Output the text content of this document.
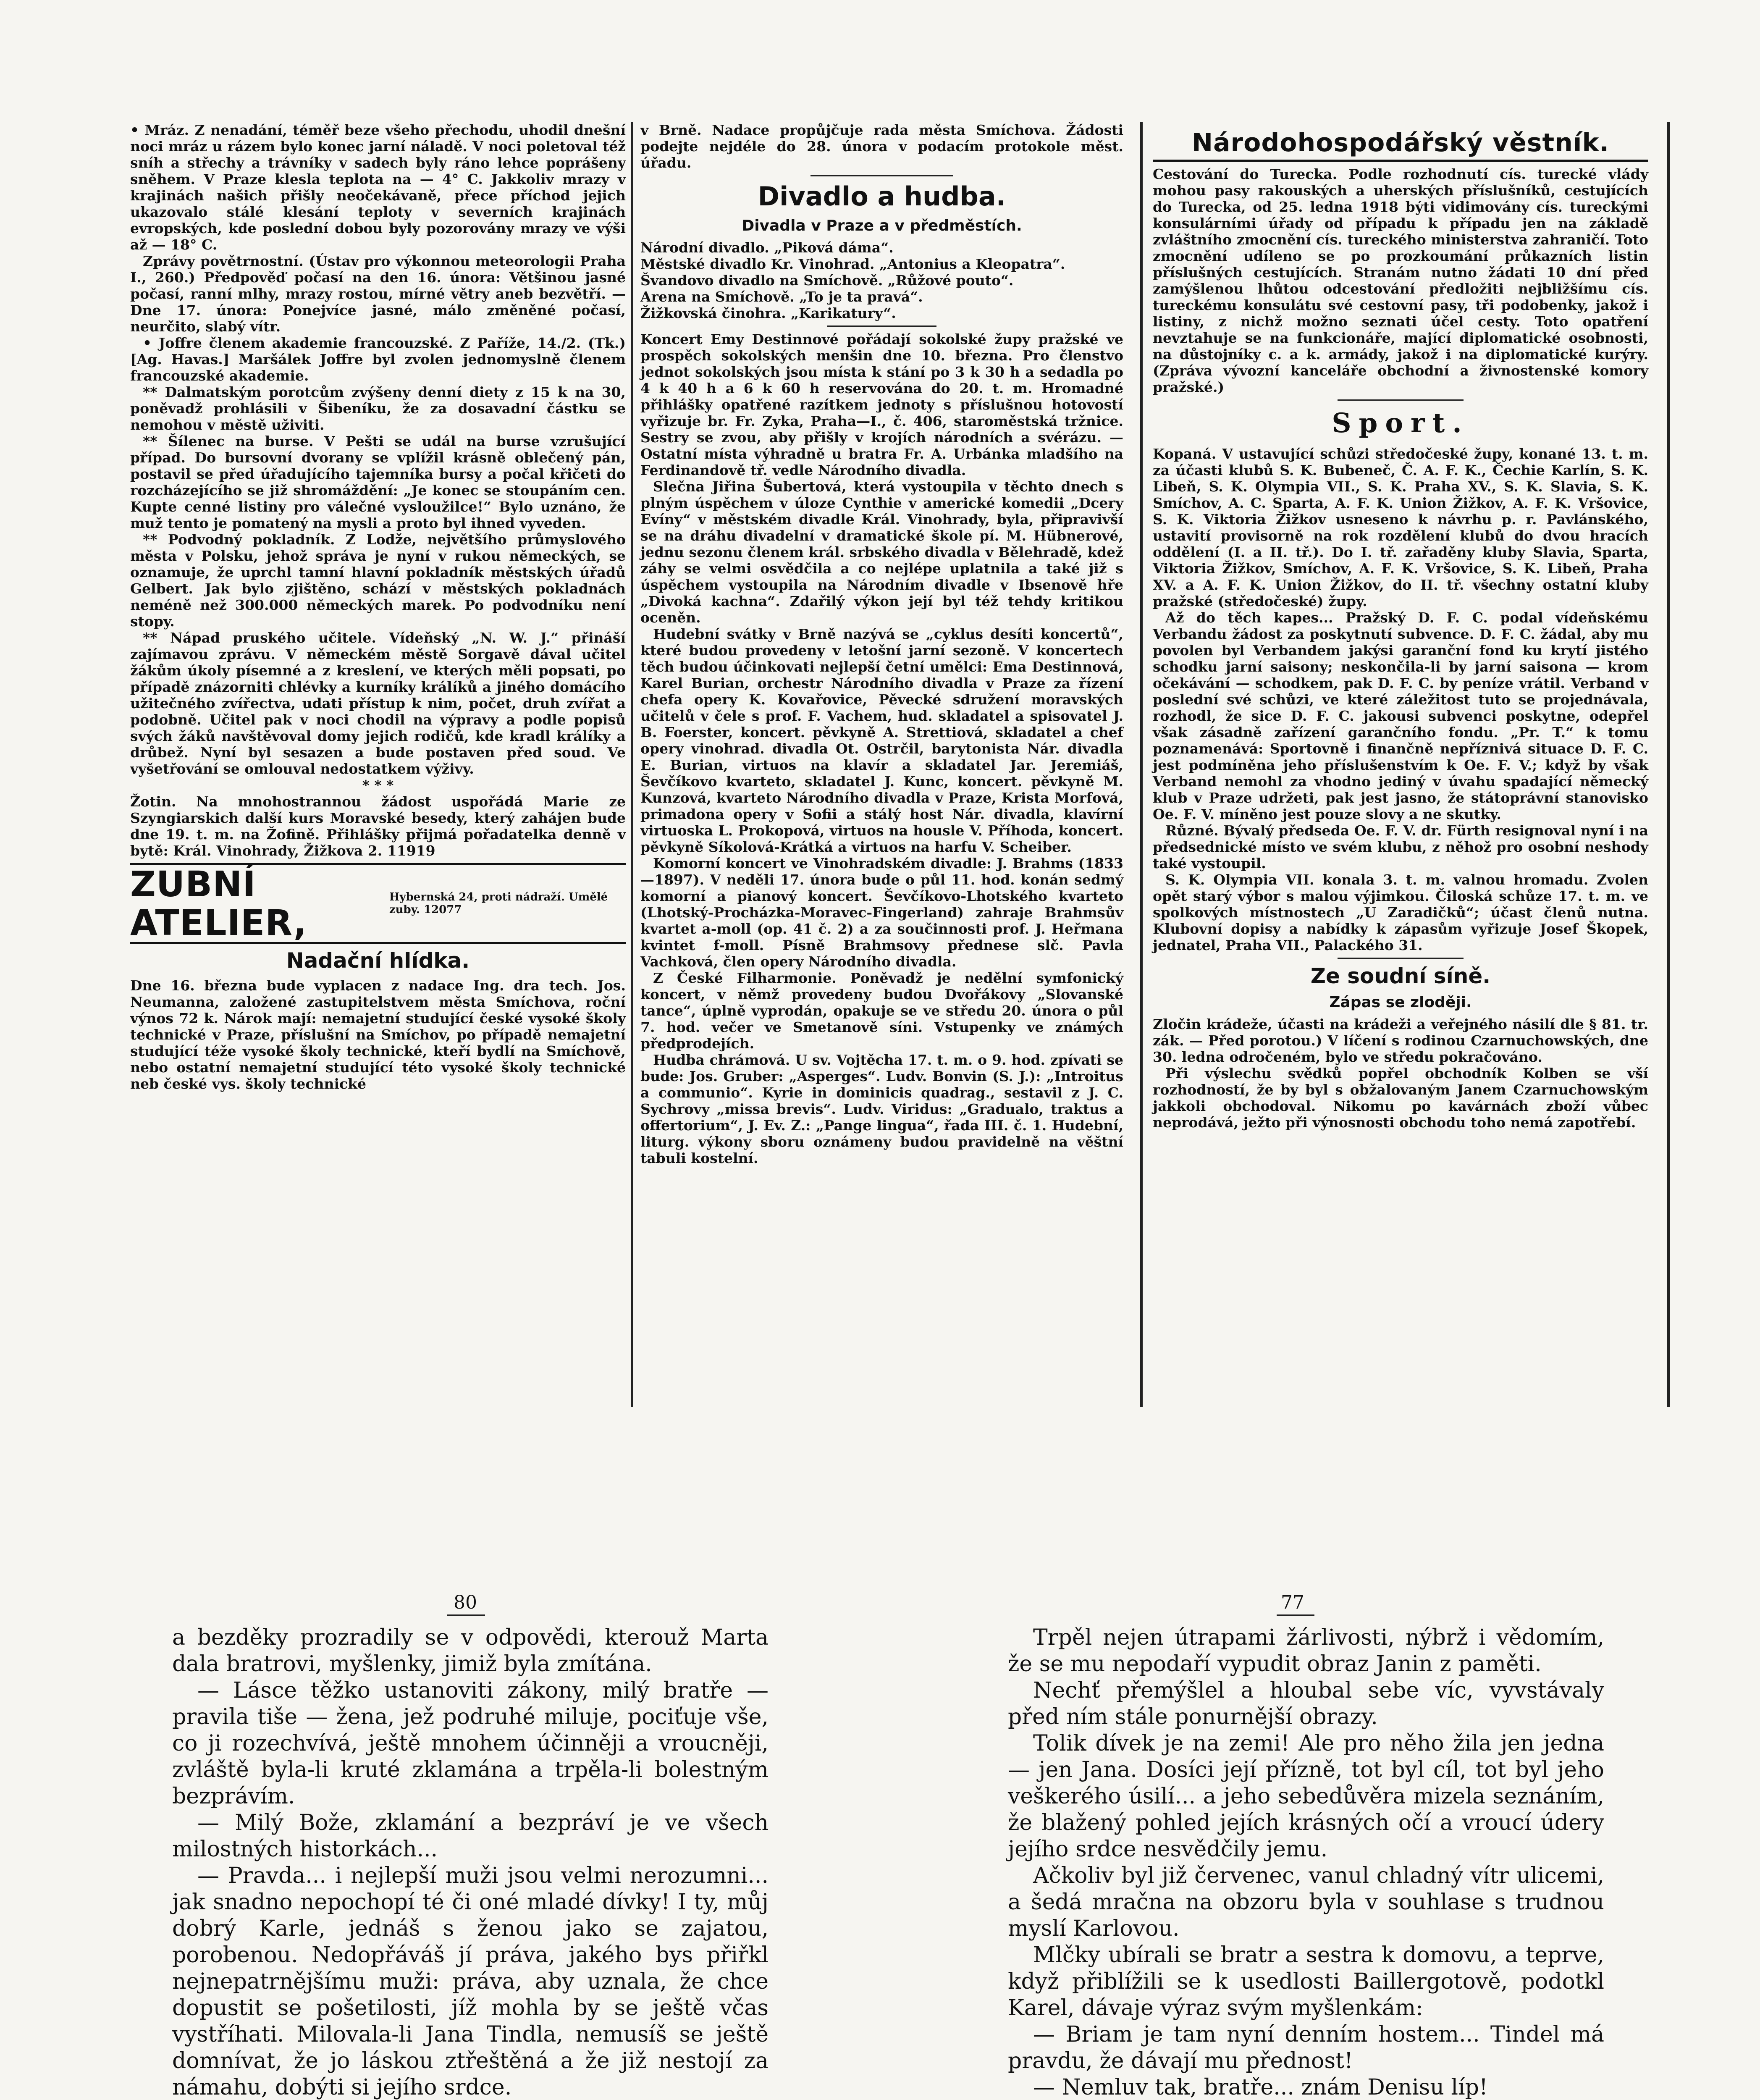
• Mráz. Z nenadání, téměř beze všeho přechodu, uhodil dnešní noci mráz u rázem bylo konec jarní náladě. V noci poletoval též sníh a střechy a trávníky v sadech byly ráno lehce poprášeny sněhem. V Praze klesla teplota na — 4° C. Jakkoliv mrazy v krajinách našich přišly neočekávaně, přece příchod jejich ukazovalo stálé klesání teploty v severních krajinách evropských, kde poslední dobou byly pozorovány mrazy ve výši až — 18° C.

Zprávy povětrnostní. (Ústav pro výkonnou meteorologii Praha I., 260.) Předpověď počasí na den 16. února: Většinou jasné počasí, ranní mlhy, mrazy rostou, mírné větry aneb bezvětří. — Dne 17. února: Ponejvíce jasné, málo změněné počasí, neurčito, slabý vítr.

• Joffre členem akademie francouzské. Z Paříže, 14./2. (Tk.) [Ag. Havas.] Maršálek Joffre byl zvolen jednomyslně členem francouzské akademie.

** Dalmatským porotcům zvýšeny denní diety z 15 k na 30, poněvadž prohlásili v Šibeníku, že za dosavadní částku se nemohou v městě uživiti.

** Šílenec na burse. V Pešti se udál na burse vzrušující případ. Do bursovní dvorany se vplížil krásně oblečený pán, postavil se před úřadujícího tajemníka bursy a počal křičeti do rozcházejícího se již shromáždění: „Je konec se stoupáním cen. Kupte cenné listiny pro válečné vysloužilce!“ Bylo uznáno, že muž tento je pomatený na mysli a proto byl ihned vyveden.

** Podvodný pokladník. Z Lodže, největšího průmyslového města v Polsku, jehož správa je nyní v rukou německých, se oznamuje, že uprchl tamní hlavní pokladník městských úřadů Gelbert. Jak bylo zjištěno, schází v městských pokladnách neméně než 300.000 německých marek. Po podvodníku není stopy.

** Nápad pruského učitele. Vídeňský „N. W. J.“ přináší zajímavou zprávu. V německém městě Sorgavě dával učitel žákům úkoly písemné a z kreslení, ve kterých měli popsati, po případě znázorniti chlévky a kurníky králíků a jiného domácího užitečného zvířectva, udati přístup k nim, počet, druh zvířat a podobně. Učitel pak v noci chodil na výpravy a podle popisů svých žáků navštěvoval domy jejich rodičů, kde kradl králíky a drůbež. Nyní byl sesazen a bude postaven před soud. Ve vyšetřování se omlouval nedostatkem výživy.

* * *

Žotin. Na mnohostrannou žádost uspořádá Marie ze Szyngiarskich další kurs Moravské besedy, který zahájen bude dne 19. t. m. na Žofině. Přihlášky přijmá pořadatelka denně v bytě: Král. Vinohrady, Žižkova 2. 11919

ZUBNÍ ATELIER,
Hybernská 24, proti nádraží. Umělé zuby. 12077
Nadační hlídka.

Dne 16. března bude vyplacen z nadace Ing. dra tech. Jos. Neumanna, založené zastupitelstvem města Smíchova, roční výnos 72 k. Nárok mají: nemajetní studující české vysoké školy technické v Praze, příslušní na Smíchov, po případě nemajetní studující téže vysoké školy technické, kteří bydlí na Smíchově, nebo ostatní nemajetní studující této vysoké školy technické neb české vys. školy technické

v Brně. Nadace propůjčuje rada města Smíchova. Žádosti podejte nejdéle do 28. února v podacím protokole měst. úřadu.

Divadlo a hudba.
Divadla v Praze a v předměstích.

Národní divadlo. „Piková dáma“.

Městské divadlo Kr. Vinohrad. „Antonius a Kleopatra“.

Švandovo divadlo na Smíchově. „Růžové pouto“.

Arena na Smíchově. „To je ta pravá“.

Žižkovská činohra. „Karikatury“.

Koncert Emy Destinnové pořádají sokolské župy pražské ve prospěch sokolských menšin dne 10. března. Pro členstvo jednot sokolských jsou místa k stání po 3 k 30 h a sedadla po 4 k 40 h a 6 k 60 h reservována do 20. t. m. Hromadné přihlášky opatřené razítkem jednoty s příslušnou hotovostí vyřizuje br. Fr. Zyka, Praha—I., č. 406, staroměstská tržnice. Sestry se zvou, aby přišly v krojích národních a svérázu. — Ostatní místa výhradně u bratra Fr. A. Urbánka mladšího na Ferdinandově tř. vedle Národního divadla.

Slečna Jiřina Šubertová, která vystoupila v těchto dnech s plným úspěchem v úloze Cynthie v americké komedii „Dcery Evíny“ v městském divadle Král. Vinohrady, byla, připravivší se na dráhu divadelní v dramatické škole pí. M. Hübnerové, jednu sezonu členem král. srbského divadla v Bělehradě, kdež záhy se velmi osvědčila a co nejlépe uplatnila a také již s úspěchem vystoupila na Národním divadle v Ibsenově hře „Divoká kachna“. Zdařilý výkon její byl též tehdy kritikou oceněn.

Hudební svátky v Brně nazývá se „cyklus desíti koncertů“, které budou provedeny v letošní jarní sezoně. V koncertech těch budou účinkovati nejlepší četní umělci: Ema Destinnová, Karel Burian, orchestr Národního divadla v Praze za řízení chefa opery K. Kovařovice, Pěvecké sdružení moravských učitelů v čele s prof. F. Vachem, hud. skladatel a spisovatel J. B. Foerster, koncert. pěvkyně A. Strettiová, skladatel a chef opery vinohrad. divadla Ot. Ostrčil, barytonista Nár. divadla E. Burian, virtuos na klavír a skladatel Jar. Jeremiáš, Ševčíkovo kvarteto, skladatel J. Kunc, koncert. pěvkyně M. Kunzová, kvarteto Národního divadla v Praze, Krista Morfová, primadona opery v Sofii a stálý host Nár. divadla, klavírní virtuoska L. Prokopová, virtuos na housle V. Příhoda, koncert. pěvkyně Síkolová-Krátká a virtuos na harfu V. Scheiber.

Komorní koncert ve Vinohradském divadle: J. Brahms (1833—1897). V neděli 17. února bude o půl 11. hod. konán sedmý komorní a pianový koncert. Ševčíkovo-Lhotského kvarteto (Lhotský-Procházka-Moravec-Fingerland) zahraje Brahmsův kvartet a-moll (op. 41 č. 2) a za součinnosti prof. J. Heřmana kvintet f-moll. Písně Brahmsovy přednese slč. Pavla Vachková, člen opery Národního divadla.

Z České Filharmonie. Poněvadž je nedělní symfonický koncert, v němž provedeny budou Dvořákovy „Slovanské tance“, úplně vyprodán, opakuje se ve středu 20. února o půl 7. hod. večer ve Smetanově síni. Vstupenky ve známých předprodejích.

Hudba chrámová. U sv. Vojtěcha 17. t. m. o 9. hod. zpívati se bude: Jos. Gruber: „Asperges“. Ludv. Bonvin (S. J.): „Introitus a communio“. Kyrie in dominicis quadrag., sestavil z J. C. Sychrovy „missa brevis“. Ludv. Viridus: „Gradualo, traktus a offertorium“, J. Ev. Z.: „Pange lingua“, řada III. č. 1. Hudební, liturg. výkony sboru oznámeny budou pravidelně na věštní tabuli kostelní.

Národohospodářský věstník.

Cestování do Turecka. Podle rozhodnutí cís. turecké vlády mohou pasy rakouských a uherských příslušníků, cestujících do Turecka, od 25. ledna 1918 býti vidimovány cís. tureckými konsulárními úřady od případu k případu jen na základě zvláštního zmocnění cís. tureckého ministerstva zahraničí. Toto zmocnění udíleno se po prozkoumání průkazních listin příslušných cestujících. Stranám nutno žádati 10 dní před zamýšlenou lhůtou odcestování předložiti nejbližšímu cís. tureckému konsulátu své cestovní pasy, tři podobenky, jakož i listiny, z nichž možno seznati účel cesty. Toto opatření nevztahuje se na funkcionáře, mající diplomatické osobnosti, na důstojníky c. a k. armády, jakož i na diplomatické kurýry. (Zpráva vývozní kanceláře obchodní a živnostenské komory pražské.)

Sport.

Kopaná. V ustavující schůzi středočeské župy, konané 13. t. m. za účasti klubů S. K. Bubeneč, Č. A. F. K., Čechie Karlín, S. K. Libeň, S. K. Olympia VII., S. K. Praha XV., S. K. Slavia, S. K. Smíchov, A. C. Sparta, A. F. K. Union Žižkov, A. F. K. Vršovice, S. K. Viktoria Žižkov usneseno k návrhu p. r. Pavlánského, ustavití provisorně na rok rozdělení klubů do dvou hracích oddělení (I. a II. tř.). Do I. tř. zařaděny kluby Slavia, Sparta, Viktoria Žižkov, Smíchov, A. F. K. Vršovice, S. K. Libeň, Praha XV. a A. F. K. Union Žižkov, do II. tř. všechny ostatní kluby pražské (středočeské) župy.

Až do těch kapes... Pražský D. F. C. podal vídeňskému Verbandu žádost za poskytnutí subvence. D. F. C. žádal, aby mu povolen byl Verbandem jakýsi garanční fond ku krytí jistého schodku jarní saisony; neskončila-li by jarní saisona — krom očekávání — schodkem, pak D. F. C. by peníze vrátil. Verband v poslední své schůzi, ve které záležitost tuto se projednávala, rozhodl, že sice D. F. C. jakousi subvenci poskytne, odepřel však zásadně zařízení garančního fondu. „Pr. T.“ k tomu poznamenává: Sportovně i finančně nepříznivá situace D. F. C. jest podmíněna jeho příslušenstvím k Oe. F. V.; když by však Verband nemohl za vhodno jediný v úvahu spadající německý klub v Praze udržeti, pak jest jasno, že státoprávní stanovisko Oe. F. V. míněno jest pouze slovy a ne skutky.

Různé. Bývalý předseda Oe. F. V. dr. Fürth resignoval nyní i na předsednické místo ve svém klubu, z něhož pro osobní neshody také vystoupil.

S. K. Olympia VII. konala 3. t. m. valnou hromadu. Zvolen opět starý výbor s malou výjimkou. Čiloská schůze 17. t. m. ve spolkových místnostech „U Zaradičků“; účast členů nutna. Klubovní dopisy a nabídky k zápasům vyřizuje Josef Škopek, jednatel, Praha VII., Palackého 31.

Ze soudní síně.
Zápas se zloději.

Zločin krádeže, účasti na krádeži a veřejného násilí dle § 81. tr. zák. — Před porotou.) V líčení s rodinou Czarnuchowských, dne 30. ledna odročeném, bylo ve středu pokračováno.

Při výslechu svědků popřel obchodník Kolben se vší rozhodností, že by byl s obžalovaným Janem Czarnuchowským jakkoli obchodoval. Nikomu po kavárnách zboží vůbec neprodává, ježto při výnosnosti obchodu toho nemá zapotřebí.

80	77

a bezděky prozradily se v odpovědi, kterouž Marta dala bratrovi, myšlenky, jimiž byla zmítána.

— Lásce těžko ustanoviti zákony, milý bratře — pravila tiše — žena, jež podruhé miluje, pociťuje vše, co ji rozechvívá, ještě mnohem účinněji a vroucněji, zvláště byla-li kruté zklamána a trpěla-li bolestným bezprávím.

— Milý Bože, zklamání a bezpráví je ve všech milostných historkách...

— Pravda... i nejlepší muži jsou velmi nerozumni... jak snadno nepochopí té či oné mladé dívky! I ty, můj dobrý Karle, jednáš s ženou jako se zajatou, porobenou. Nedopřáváš jí práva, jakého bys přiřkl nejnepatrnějšímu muži: práva, aby uznala, že chce dopustit se pošetilosti, jíž mohla by se ještě včas vystříhati. Milovala-li Jana Tindla, nemusíš se ještě domnívat, že jo láskou ztřeštěná a že již nestojí za námahu, dobýti si jejího srdce.

Trpěl nejen útrapami žárlivosti, nýbrž i vědomím, že se mu nepodaří vypudit obraz Janin z paměti.

Nechť přemýšlel a hloubal sebe víc, vyvstávaly před ním stále ponurnější obrazy.

Tolik dívek je na zemi! Ale pro něho žila jen jedna — jen Jana. Dosíci její přízně, tot byl cíl, tot byl jeho veškerého úsilí... a jeho sebedůvěra mizela seznáním, že blažený pohled jejích krásných očí a vroucí údery jejího srdce nesvědčily jemu.

Ačkoliv byl již červenec, vanul chladný vítr ulicemi, a šedá mračna na obzoru byla v souhlase s trudnou myslí Karlovou.

Mlčky ubírali se bratr a sestra k domovu, a teprve, když přiblížili se k usedlosti Baillergotově, podotkl Karel, dávaje výraz svým myšlenkám:

— Briam je tam nyní denním hostem... Tindel má pravdu, že dávají mu přednost!

— Nemluv tak, bratře... znám Denisu líp!
